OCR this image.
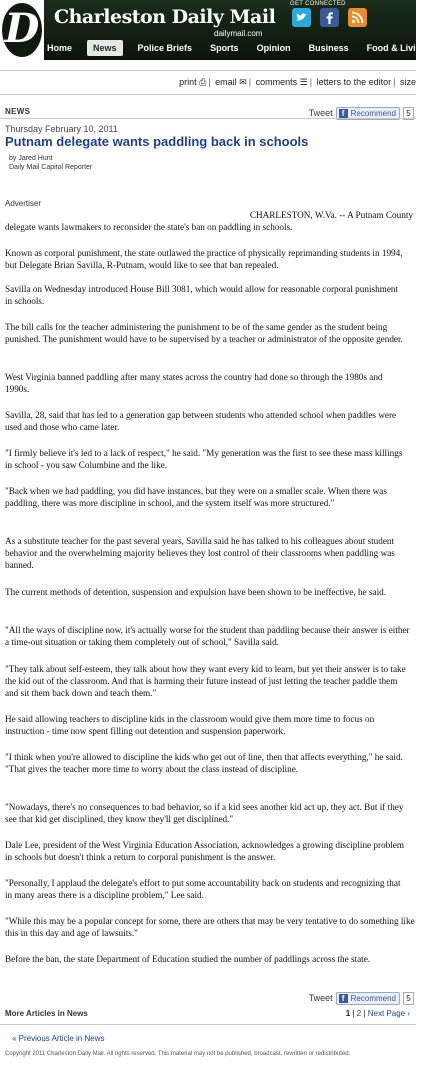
D Charleston Daily Mail
dailymail.com
GET CONNECTED
Home	News	Police Briefs	Sports	Opinion	Business	Food & Living
print ⎙ | email ✉ | comments ☰ | letters to the editor | size
NEWS	Tweet	f Recommend	5
Thursday February 10, 2011
Putnam delegate wants paddling back in schools
by Jared Hunt
Daily Mail Capitol Reporter
Advertiser
CHARLESTON, W.Va. -- A Putnam County

delegate wants lawmakers to reconsider the state's ban on paddling in schools.

Known as corporal punishment, the state outlawed the practice of physically reprimanding students in 1994, but Delegate Brian Savilla, R-Putnam, would like to see that ban repealed.

Savilla on Wednesday introduced House Bill 3081, which would allow for reasonable corporal punishment in schools.

The bill calls for the teacher administering the punishment to be of the same gender as the student being punished. The punishment would have to be supervised by a teacher or administrator of the opposite gender.

West Virginia banned paddling after many states across the country had done so through the 1980s and 1990s.

Savilla, 28, said that has led to a generation gap between students who attended school when paddles were used and those who came later.

"I firmly believe it's led to a lack of respect," he said. "My generation was the first to see these mass killings in school - you saw Columbine and the like.

"Back when we had paddling, you did have instances, but they were on a smaller scale. When there was paddling, there was more discipline in school, and the system itself was more structured."

As a substitute teacher for the past several years, Savilla said he has talked to his colleagues about student behavior and the overwhelming majority believes they lost control of their classrooms when paddling was banned.

The current methods of detention, suspension and expulsion have been shown to be ineffective, he said.

"All the ways of discipline now, it's actually worse for the student than paddling because their answer is either a time-out situation or taking them completely out of school," Savilla said.

"They talk about self-esteem, they talk about how they want every kid to learn, but yet their answer is to take the kid out of the classroom. And that is harming their future instead of just letting the teacher paddle them and sit them back down and teach them."

He said allowing teachers to discipline kids in the classroom would give them more time to focus on instruction - time now spent filling out detention and suspension paperwork.

"I think when you're allowed to discipline the kids who get out of line, then that affects everything," he said. "That gives the teacher more time to worry about the class instead of discipline.

"Nowadays, there's no consequences to bad behavior, so if a kid sees another kid act up, they act. But if they see that kid get disciplined, they know they'll get disciplined."

Dale Lee, president of the West Virginia Education Association, acknowledges a growing discipline problem in schools but doesn't think a return to corporal punishment is the answer.

"Personally, I applaud the delegate's effort to put some accountability back on students and recognizing that in many areas there is a discipline problem," Lee said.

"While this may be a popular concept for some, there are others that may be very tentative to do something like this in this day and age of lawsuits."

Before the ban, the state Department of Education studied the number of paddlings across the state.

Tweet	f Recommend	5
More Articles in News	1 | 2 | Next Page ›
« Previous Article in News
Copyright 2011 Charleston Daily Mail. All rights reserved. This material may not be published, broadcast, rewritten or redistributed.
